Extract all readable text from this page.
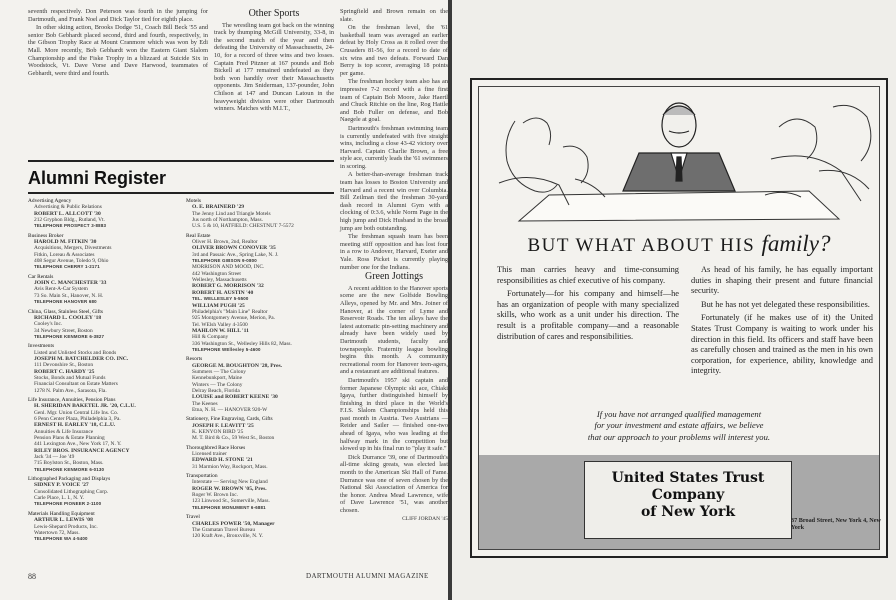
seventh respectively. Don Peterson was fourth in the jumping for Dartmouth, and Frank Noel and Dick Taylor tied for eighth place.

In other skiing action, Brooks Dodge '51, Coach Bill Beck '55 and senior Bob Gebhardt placed second, third and fourth, respectively, in the Gibson Trophy Race at Mount Cranmore which was won by Edi Mall. More recently, Bob Gebhardt won the Eastern Giant Slalom Championship and the Fiske Trophy in a blizzard at Suicide Six in Woodstock, Vt. Dave Vorse and Dave Harwood, teammates of Gebhardt, were third and fourth.

Other Sports

The wrestling team got back on the winning track by thumping McGill University, 33-8, in the second match of the year and then defeating the University of Massachusetts, 24-10, for a record of three wins and two losses. Captain Fred Pitzner at 167 pounds and Bob Bickell at 177 remained undefeated as they both won handily over their Massachusetts opponents. Jim Sniderman, 137-pounder, John Chilson at 147 and Duncan Latoun in the heavyweight division were other Dartmouth winners. Matches with M.I.T.,

Springfield and Brown remain on the slate.

On the freshman level, the '61 basketball team was averaged an earlier defeat by Holy Cross as it rolled over the Crusaders 81-56, for a record to date of six wins and two defeats. Forward Dan Berry is top scorer, averaging 18 points per game.

The freshman hockey team also has an impressive 7-2 record with a fine first team of Captain Bob Moore, Jake Haertl and Chuck Ritchie on the line, Rog Hattle and Bob Fuller on defense, and Bob Naegele at goal.

Dartmouth's freshman swimming team is currently undefeated with five straight wins, including a close 43-42 victory over Harvard. Captain Charlie Brown, a free style ace, currently leads the '61 swimmers in scoring.

A better-than-average freshman track team has losses to Boston University and Harvard and a recent win over Columbia. Bill Zeilman tied the freshman 30-yard dash record in Alumni Gym with a clocking of 0:3.6, while Norm Page in the high jump and Dick Husband in the broad jump are both outstanding.

The freshman squash team has been meeting stiff opposition and has lost four in a row to Andover, Harvard, Exeter and Yale. Ross Picket is currently playing number one for the Indians.

Green Jottings

A recent addition to the Hanover sports scene are the new Golfside Bowling Alleys, opened by Mr. and Mrs. Joiner of Hanover, at the corner of Lyme and Reservoir Roads. The ten alleys have the latest automatic pin-setting machinery and already have been widely used by Dartmouth students, faculty and townspeople. Fraternity league bowling begins this month. A community recreational room for Hanover teen-agers, and a restaurant are additional features.

Dartmouth's 1957 ski captain and former Japanese Olympic ski ace, Chiaki Igaya, further distinguished himself by finishing in third place in the World's F.I.S. Slalom Championships held this past month in Austria. Two Austrians — Reider and Sailer — finished one-two ahead of Igaya, who was leading at the halfway mark in the competition but slowed up in his final run to "play it safe."

Dick Durrance '39, one of Dartmouth's all-time skiing greats, was elected last month to the American Ski Hall of Fame. Durrance was one of seven chosen by the National Ski Association of America for the honor. Andrea Mead Lawrence, wife of Dave Lawrence '51, was another chosen.

CLIFF JORDAN '45

Alumni Register
Advertising Agency
Advertising & Public Relations
ROBERT L. ALLCOTT '30
212 Gryphon Bldg., Rutland, Vt.
TELEPHONE PROSPECT 3-8883
Business Broker
HAROLD M. FITKIN '30
Acquisitions, Mergers, Divestments
Fitkin, Loreau & Associates
408 Segur Avenue, Toledo 9, Ohio
TELEPHONE CHERRY 1-2171
Car Rentals
JOHN C. MANCHESTER '33
Avis Rent-A-Car System
73 So. Main St., Hanover, N. H.
TELEPHONE HANOVER 680
China, Glass, Stainless Steel, Gifts
RICHARD L. COOLEY '18
Cooley's Inc.
34 Newbury Street, Boston
TELEPHONE KENMORE 6-3827
Investments
Listed and Unlisted Stocks and Bonds
JOSEPH M. BATCHELDER CO. INC.
111 Devonshire St., Boston
ROBERT C. HARDY '25
Stocks, Bonds and Mutual Funds
Financial Consultant on Estate Matters
1278 N. Palm Ave., Sarasota, Fla.
Life Insurance, Annuities, Pension Plans
H. SHERIDAN BAKETEL JR. '20, C.L.U.
Genl. Mgr. Union Central Life Ins. Co.
6 Penn Center Plaza, Philadelphia 3, Pa.
ERNEST H. EARLEY '18, C.L.U.
Annuities & Life Insurance
Pension Plans & Estate Planning
441 Lexington Ave., New York 17, N. Y.
RILEY BROS. INSURANCE AGENCY
Jack '34 — Joe '49
715 Boylston St., Boston, Mass.
TELEPHONE KENMORE 6-0130
Lithographed Packaging and Displays
SIDNEY P. VOICE '27
Consolidated Lithographing Corp.
Carle Place, L. I., N. Y.
TELEPHONE PIONEER 2-1100
Materials Handling Equipment
ARTHUR L. LEWIS '08
Lewis-Shepard Products, Inc.
Watertown 72, Mass.
TELEPHONE WA 4-5400
Motels
O. E. BRAINERD '29
The Jenny Lind and Triangle Motels
Jus north of Northampton, Mass.
U.S. 5 & 10, HATFIELD: CHESTNUT 7-5572
Real Estate
Oliver H. Brown, 2nd, Realtor
OLIVER BROWN CONOVER '35
3rd and Passaic Ave., Spring Lake, N. J.
TELEPHONE GIBSON 9-0800
MORRISON AND MOOD, INC.
442 Washington Street
Wellesley, Massachusetts
ROBERT G. MORRISON '32
ROBERT H. AUSTIN '40
TEL. WELLESLEY 5-5500
WILLIAM PUGH '25
Philadelphia's "Main Line" Realtor
925 Montgomery Avenue, Merion, Pa.
Tel. WElsh Valley 4-3500
MAHLON W. HILL '11
Hill & Company
336 Washington St., Wellesley Hills 82, Mass.
TELEPHONE WEllesley 5-4600
Resorts
GEORGE M. BOUGHTON '28, Pres.
Summers — The Colony
Kennebunkport, Maine
Winters — The Colony
Delray Beach, Florida
LOUISE and ROBERT KEENE '30
The Keenes
Etna, N. H. — HANOVER 920-W
Stationery, Fine Engraving, Cards, Gifts
JOSEPH F. LEAVITT '25
K. KENYON BIRD '25
M. T. Bird & Co., 59 West St., Boston
Thoroughbred Race Horses
Licensed trainer
EDWARD H. STONE '21
31 Marmion Way, Rockport, Mass.
Transportation
Interstate — Serving New England
ROGER W. BROWN '05, Pres.
Roger W. Brown Inc.
123 Linwood St., Somerville, Mass.
TELEPHONE MONUMENT 6-6881
Travel
CHARLES POWER '50, Manager
The Gramatan Travel Bureau
120 Kraft Ave., Bronxville, N. Y.
88	DARTMOUTH ALUMNI MAGAZINE
BUT WHAT ABOUT HIS family?

This man carries heavy and time-consuming responsibilities as chief executive of his company.

Fortunately—for his company and himself—he has an organization of people with many specialized skills, who work as a unit under his direction. The result is a profitable company—and a reasonable distribution of cares and responsibilities.

As head of his family, he has equally important duties in shaping their present and future financial security.

But he has not yet delegated these responsibilities.

Fortunately (if he makes use of it) the United States Trust Company is waiting to work under his direction in this field. Its officers and staff have been as carefully chosen and trained as the men in his own corporation, for experience, ability, knowledge and integrity.

If you have not arranged qualified management
for your investment and estate affairs, we believe
that our approach to your problems will interest you.
United States Trust Company
of New York
37 Broad Street, New York 4, New York
